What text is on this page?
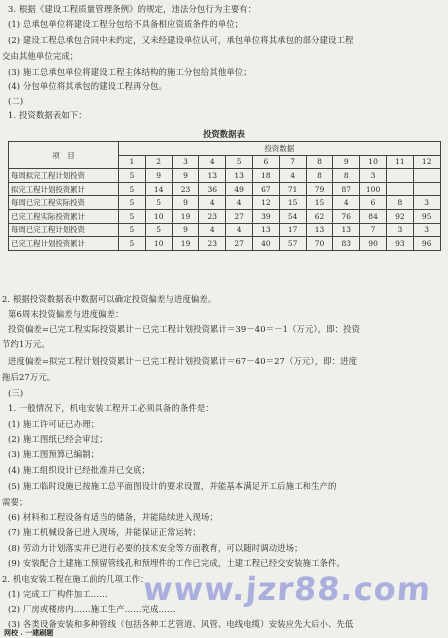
3. 根据《建设工程质量管理条例》的规定，违法分包行为主要有：
(1) 总承包单位将建设工程分包给不具备相应资质条件的单位；
(2) 建设工程总承包合同中未约定，又未经建设单位认可，承包单位将其承包的部分建设工程
交由其他单位完成；
(3) 施工总承包单位将建设工程主体结构的施工分包给其他单位；
(4) 分包单位将其承包的建设工程再分包。
(二)
1. 投资数据表如下：
投资数据表
项　目	投资数据											
	1	2	3	4	5	6	7	8	9	10	11	12
每周拟完工程计划投资	5	9	9	13	13	18	4	8	8	3		
拟完工程计划投资累计	5	14	23	36	49	67	71	79	87	100		
每周已完工程实际投资	5	5	9	4	4	12	15	15	4	6	8	3
已完工程实际投资累计	5	10	19	23	27	39	54	62	76	84	92	95
每周已完工程计划投资	5	5	9	4	4	13	17	13	13	7	3	3
已完工程计划投资累计	5	10	19	23	27	40	57	70	83	90	93	96
2. 根据投资数据表中数据可以确定投资偏差与进度偏差。
第6周末投资偏差与进度偏差：
投资偏差=已完工程实际投资累计－已完工程计划投资累计＝39－40＝－1（万元），即：投资
节约1万元。
进度偏差=拟完工程计划投资累计－已完工程计划投资累计＝67－40＝27（万元），即：进度
拖后27万元。
(三)
1. 一般情况下，机电安装工程开工必须具备的条件是：
(1) 施工许可证已办理；
(2) 施工图纸已经会审过；
(3) 施工图预算已编制；
(4) 施工组织设计已经批准并已交底；
(5) 施工临时设施已按施工总平面图设计的要求设置，并能基本满足开工后施工和生产的
需要；
(6) 材料和工程设备有适当的储备，并能陆续进入现场；
(7) 施工机械设备已进入现场，并能保证正常运转；
(8) 劳动力计划落实并已进行必要的技术安全等方面教育，可以随时调动进场；
(9) 安装配合土建施工预留管线孔和预埋件的工作已完成，土建工程已经交安装施工条件。
2. 机电安装工程在施工前的几项工作：
(1) 完成工厂构件加工……
(2) 厂房或楼房内……施工生产……完成……
(3) 各类设备安装和多种管线（包括各种工艺管道、风管、电线电缆）安装应先大后小、先低
www.jzr88.com
网校 . 一建刷题
